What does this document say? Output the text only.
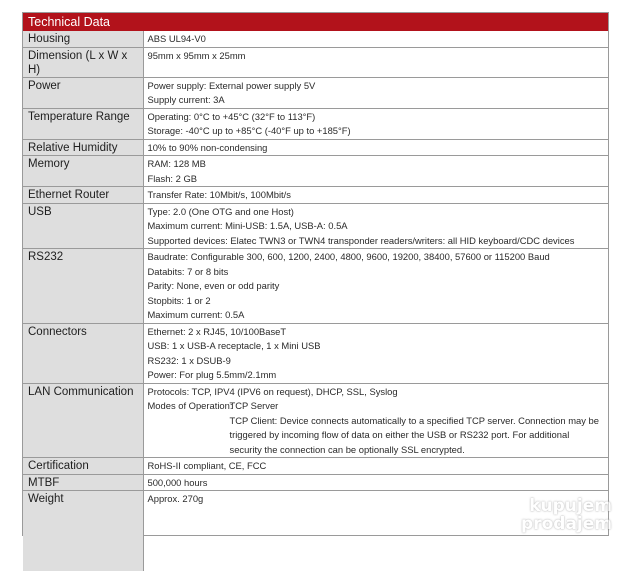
Technical Data
Housing	ABS UL94-V0

Dimension (L x W x H)	95mm x 95mm x 25mm

Power	Power supply: External power supply 5V
Supply current: 3A

Temperature Range	Operating: 0°C to +45°C (32°F to 113°F)
Storage: -40°C up to +85°C (-40°F up to +185°F)

Relative Humidity	10% to 90% non-condensing

Memory	RAM: 128 MB
Flash: 2 GB

Ethernet Router	Transfer Rate: 10Mbit/s, 100Mbit/s

USB	Type: 2.0 (One OTG and one Host)
Maximum current: Mini-USB: 1.5A, USB-A: 0.5A
Supported devices: Elatec TWN3 or TWN4 transponder readers/writers: all HID keyboard/CDC devices

RS232	Baudrate: Configurable 300, 600, 1200, 2400, 4800, 9600, 19200, 38400, 57600 or 115200 Baud
Databits: 7 or 8 bits
Parity: None, even or odd parity
Stopbits: 1 or 2
Maximum current: 0.5A

Connectors	Ethernet: 2 x RJ45, 10/100BaseT
USB: 1 x USB-A receptacle, 1 x Mini USB
RS232: 1 x DSUB-9
Power: For plug 5.5mm/2.1mm

LAN Communication	Protocols: TCP, IPV4 (IPV6 on request), DHCP, SSL, Syslog
Modes of Operation:TCP Server
TCP Client: Device connects automatically to a specified TCP server. Connection may be triggered by incoming flow of data on either the USB or RS232 port. For additional security the connection can be optionally SSL encrypted.

Certification	RoHS-II compliant, CE, FCC

MTBF	500,000 hours

Weight	Approx. 270g	kupujem
prodajem
